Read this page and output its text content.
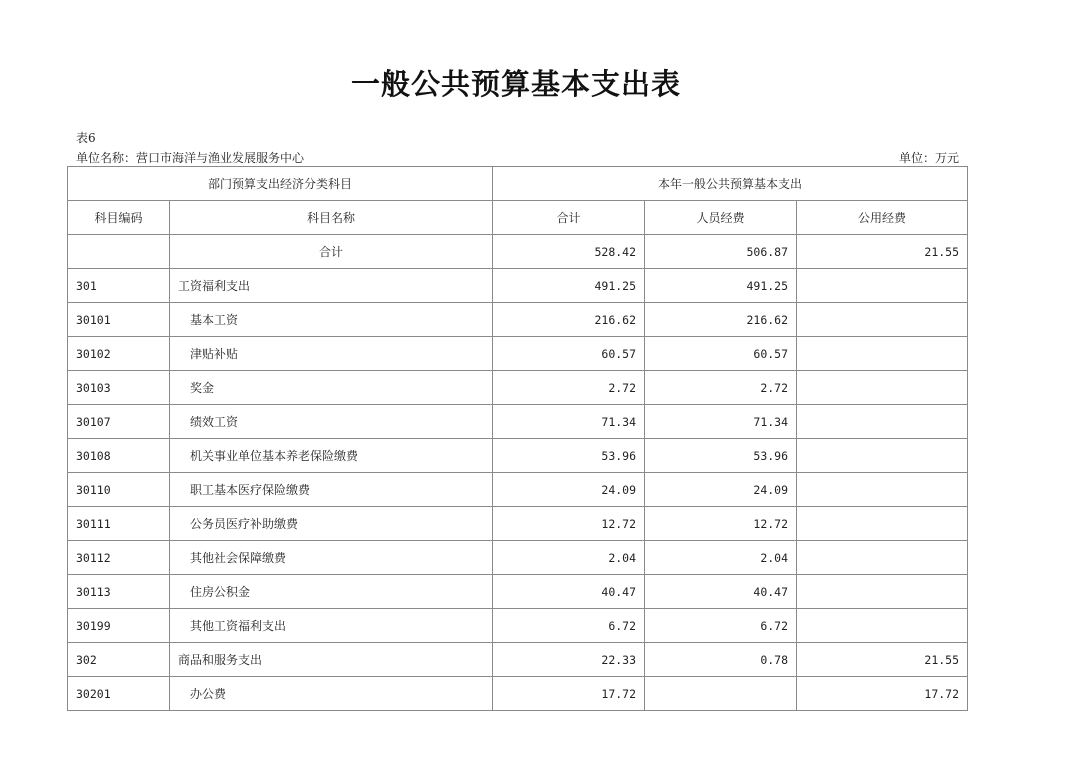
一般公共预算基本支出表
表6
单位名称：营口市海洋与渔业发展服务中心	单位：万元
部门预算支出经济分类科目		本年一般公共预算基本支出		
科目编码	科目名称	合计	人员经费	公用经费
	合计	528.42	506.87	21.55
301	工资福利支出	491.25	491.25	
30101	基本工资	216.62	216.62	
30102	津贴补贴	60.57	60.57	
30103	奖金	2.72	2.72	
30107	绩效工资	71.34	71.34	
30108	机关事业单位基本养老保险缴费	53.96	53.96	
30110	职工基本医疗保险缴费	24.09	24.09	
30111	公务员医疗补助缴费	12.72	12.72	
30112	其他社会保障缴费	2.04	2.04	
30113	住房公积金	40.47	40.47	
30199	其他工资福利支出	6.72	6.72	
302	商品和服务支出	22.33	0.78	21.55
30201	办公费	17.72		17.72
